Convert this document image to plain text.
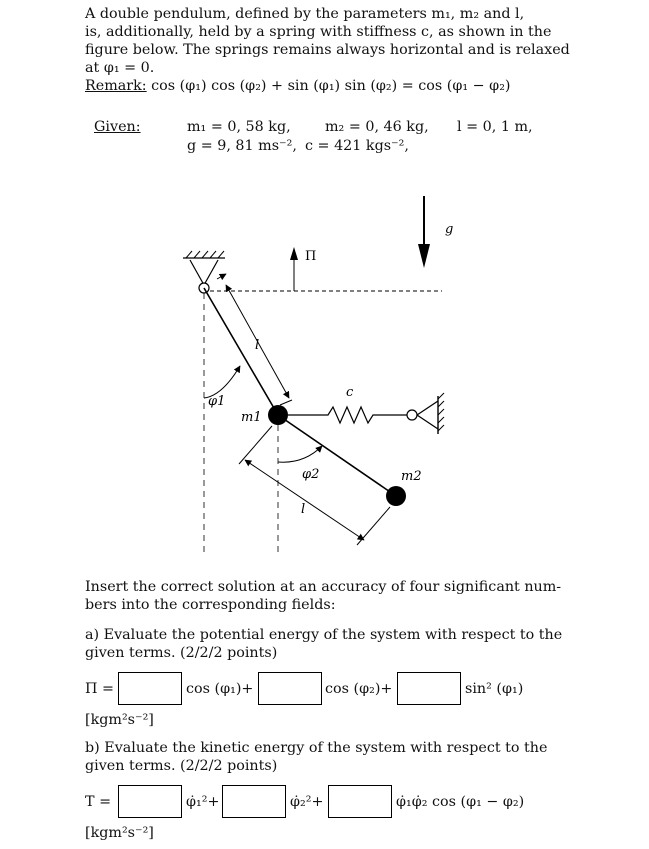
A double pendulum, defined by the parameters m₁, m₂ and l,
is, additionally, held by a spring with stiffness c, as shown in the
figure below. The springs remains always horizontal and is relaxed
at φ₁ = 0.
Remark: cos (φ₁) cos (φ₂) + sin (φ₁) sin (φ₂) = cos (φ₁ − φ₂)
Given:	m₁ = 0, 58 kg, m₂ = 0, 46 kg, l = 0, 1 m,
g = 9, 81 ms⁻², c = 421 kgs⁻²,
g
Π
l
φ1
m1
c
φ2	m2
l
Insert the correct solution at an accuracy of four significant num-
bers into the corresponding fields:
a) Evaluate the potential energy of the system with respect to the
given terms. (2/2/2 points)
Π =	cos (φ₁)+	cos (φ₂)+	sin² (φ₁)
[kgm²s⁻²]
b) Evaluate the kinetic energy of the system with respect to the
given terms. (2/2/2 points)
T =	φ̇₁²+	φ̇₂²+	φ̇₁φ̇₂ cos (φ₁ − φ₂)
[kgm²s⁻²]
